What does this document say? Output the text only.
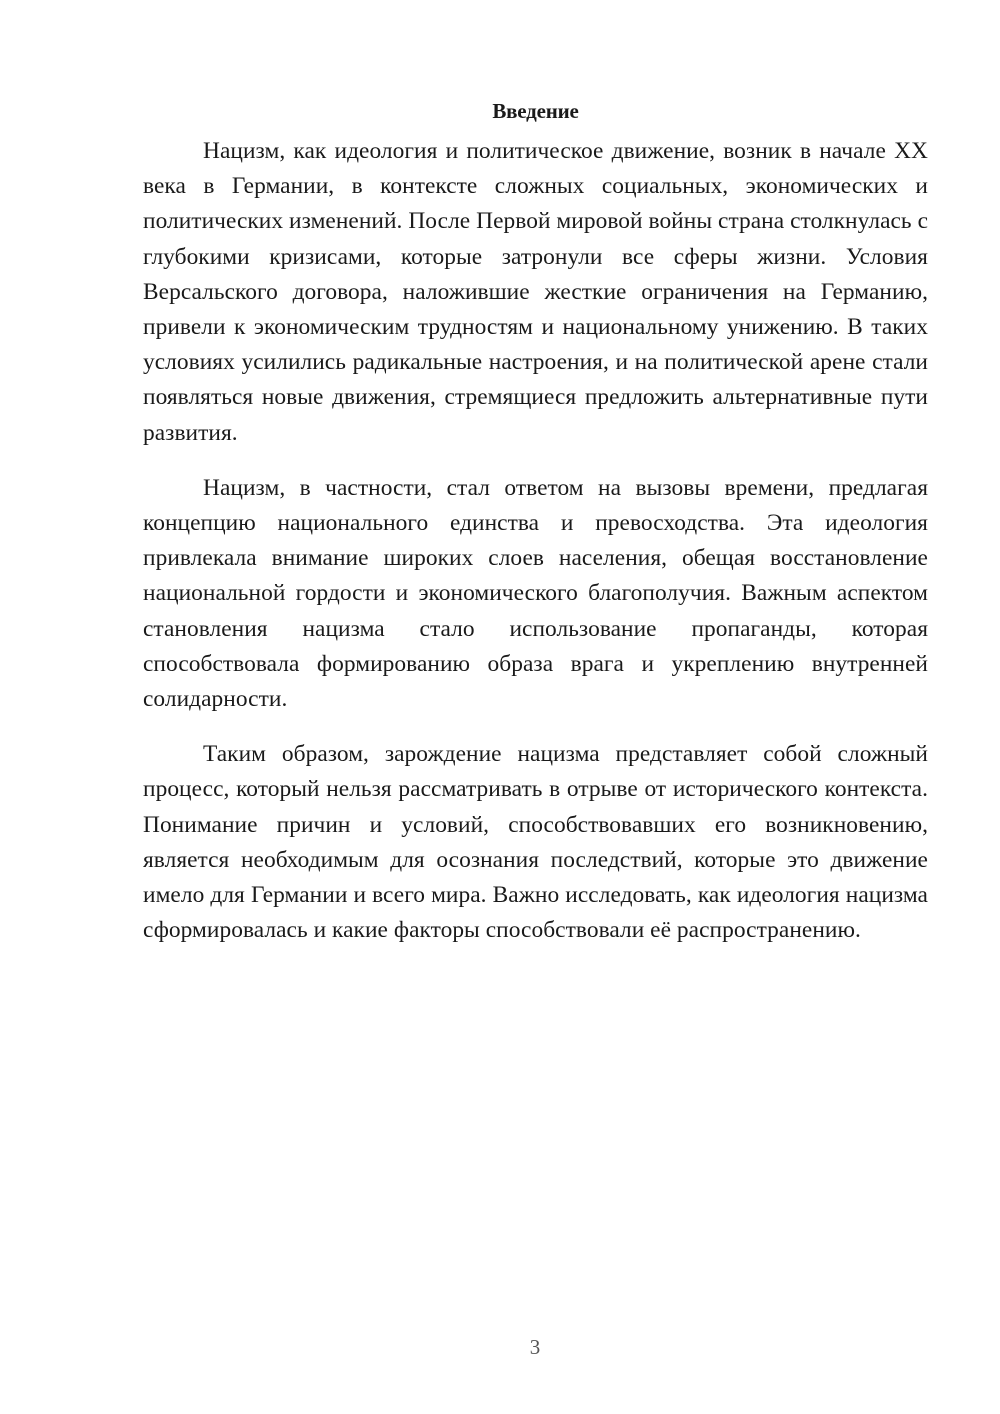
Введение

Нацизм, как идеология и политическое движение, возник в начале XX века в Германии, в контексте сложных социальных, экономических и политических изменений. После Первой мировой войны страна столкнулась с глубокими кризисами, которые затронули все сферы жизни. Условия Версальского договора, наложившие жесткие ограничения на Германию, привели к экономическим трудностям и национальному унижению. В таких условиях усилились радикальные настроения, и на политической арене стали появляться новые движения, стремящиеся предложить альтернативные пути развития.

Нацизм, в частности, стал ответом на вызовы времени, предлагая концепцию национального единства и превосходства. Эта идеология привлекала внимание широких слоев населения, обещая восстановление национальной гордости и экономического благополучия. Важным аспектом становления нацизма стало использование пропаганды, которая способствовала формированию образа врага и укреплению внутренней солидарности.

Таким образом, зарождение нацизма представляет собой сложный процесс, который нельзя рассматривать в отрыве от исторического контекста. Понимание причин и условий, способствовавших его возникновению, является необходимым для осознания последствий, которые это движение имело для Германии и всего мира. Важно исследовать, как идеология нацизма сформировалась и какие факторы способствовали её распространению.

3
